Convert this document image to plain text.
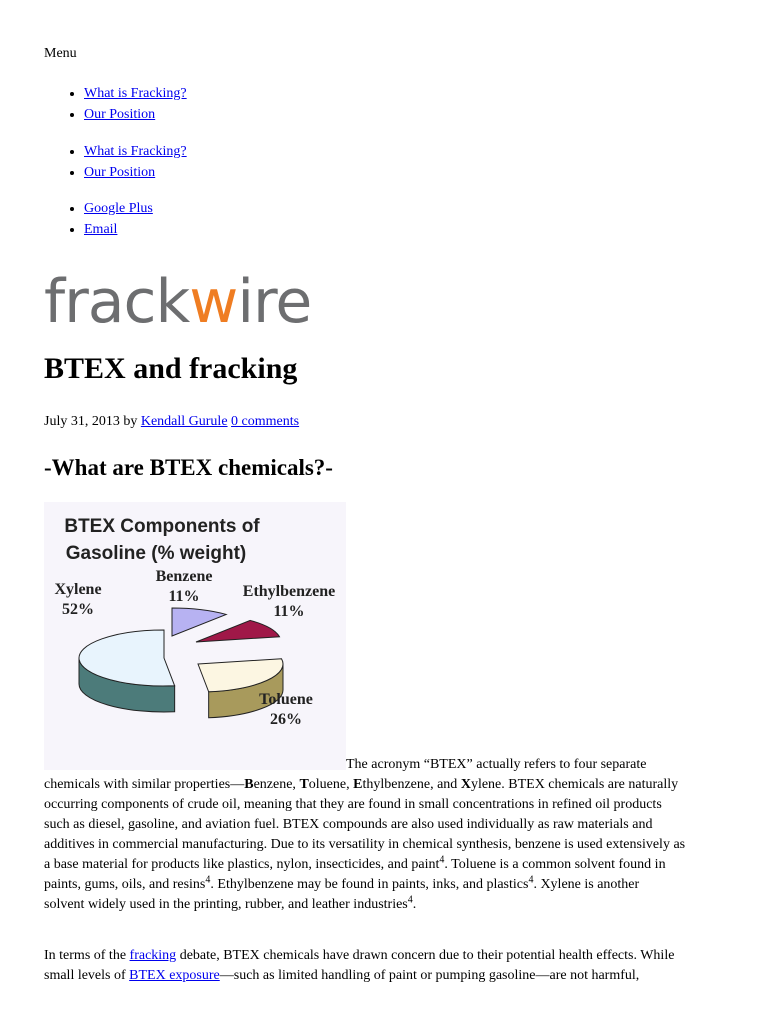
Menu
• What is Fracking?
• Our Position
• What is Fracking?
• Our Position
• Google Plus
• Email
frackwire
BTEX and fracking
July 31, 2013 by Kendall Gurule 0 comments
-What are BTEX chemicals?-
BTEX Components of
Gasoline (% weight)
Benzene
11%	Ethylbenzene
11%
Toluene
26%
Xylene
52%
The acronym “BTEX” actually refers to four separate
chemicals with similar properties—Benzene, Toluene, Ethylbenzene, and Xylene. BTEX chemicals are naturally
occurring components of crude oil, meaning that they are found in small concentrations in refined oil products
such as diesel, gasoline, and aviation fuel. BTEX compounds are also used individually as raw materials and
additives in commercial manufacturing. Due to its versatility in chemical synthesis, benzene is used extensively as
a base material for products like plastics, nylon, insecticides, and paint$^4$. Toluene is a common solvent found in
paints, gums, oils, and resins$^4$. Ethylbenzene may be found in paints, inks, and plastics$^4$. Xylene is another
solvent widely used in the printing, rubber, and leather industries$^4$.
In terms of the fracking debate, BTEX chemicals have drawn concern due to their potential health effects. While
small levels of BTEX exposure—such as limited handling of paint or pumping gasoline—are not harmful,
